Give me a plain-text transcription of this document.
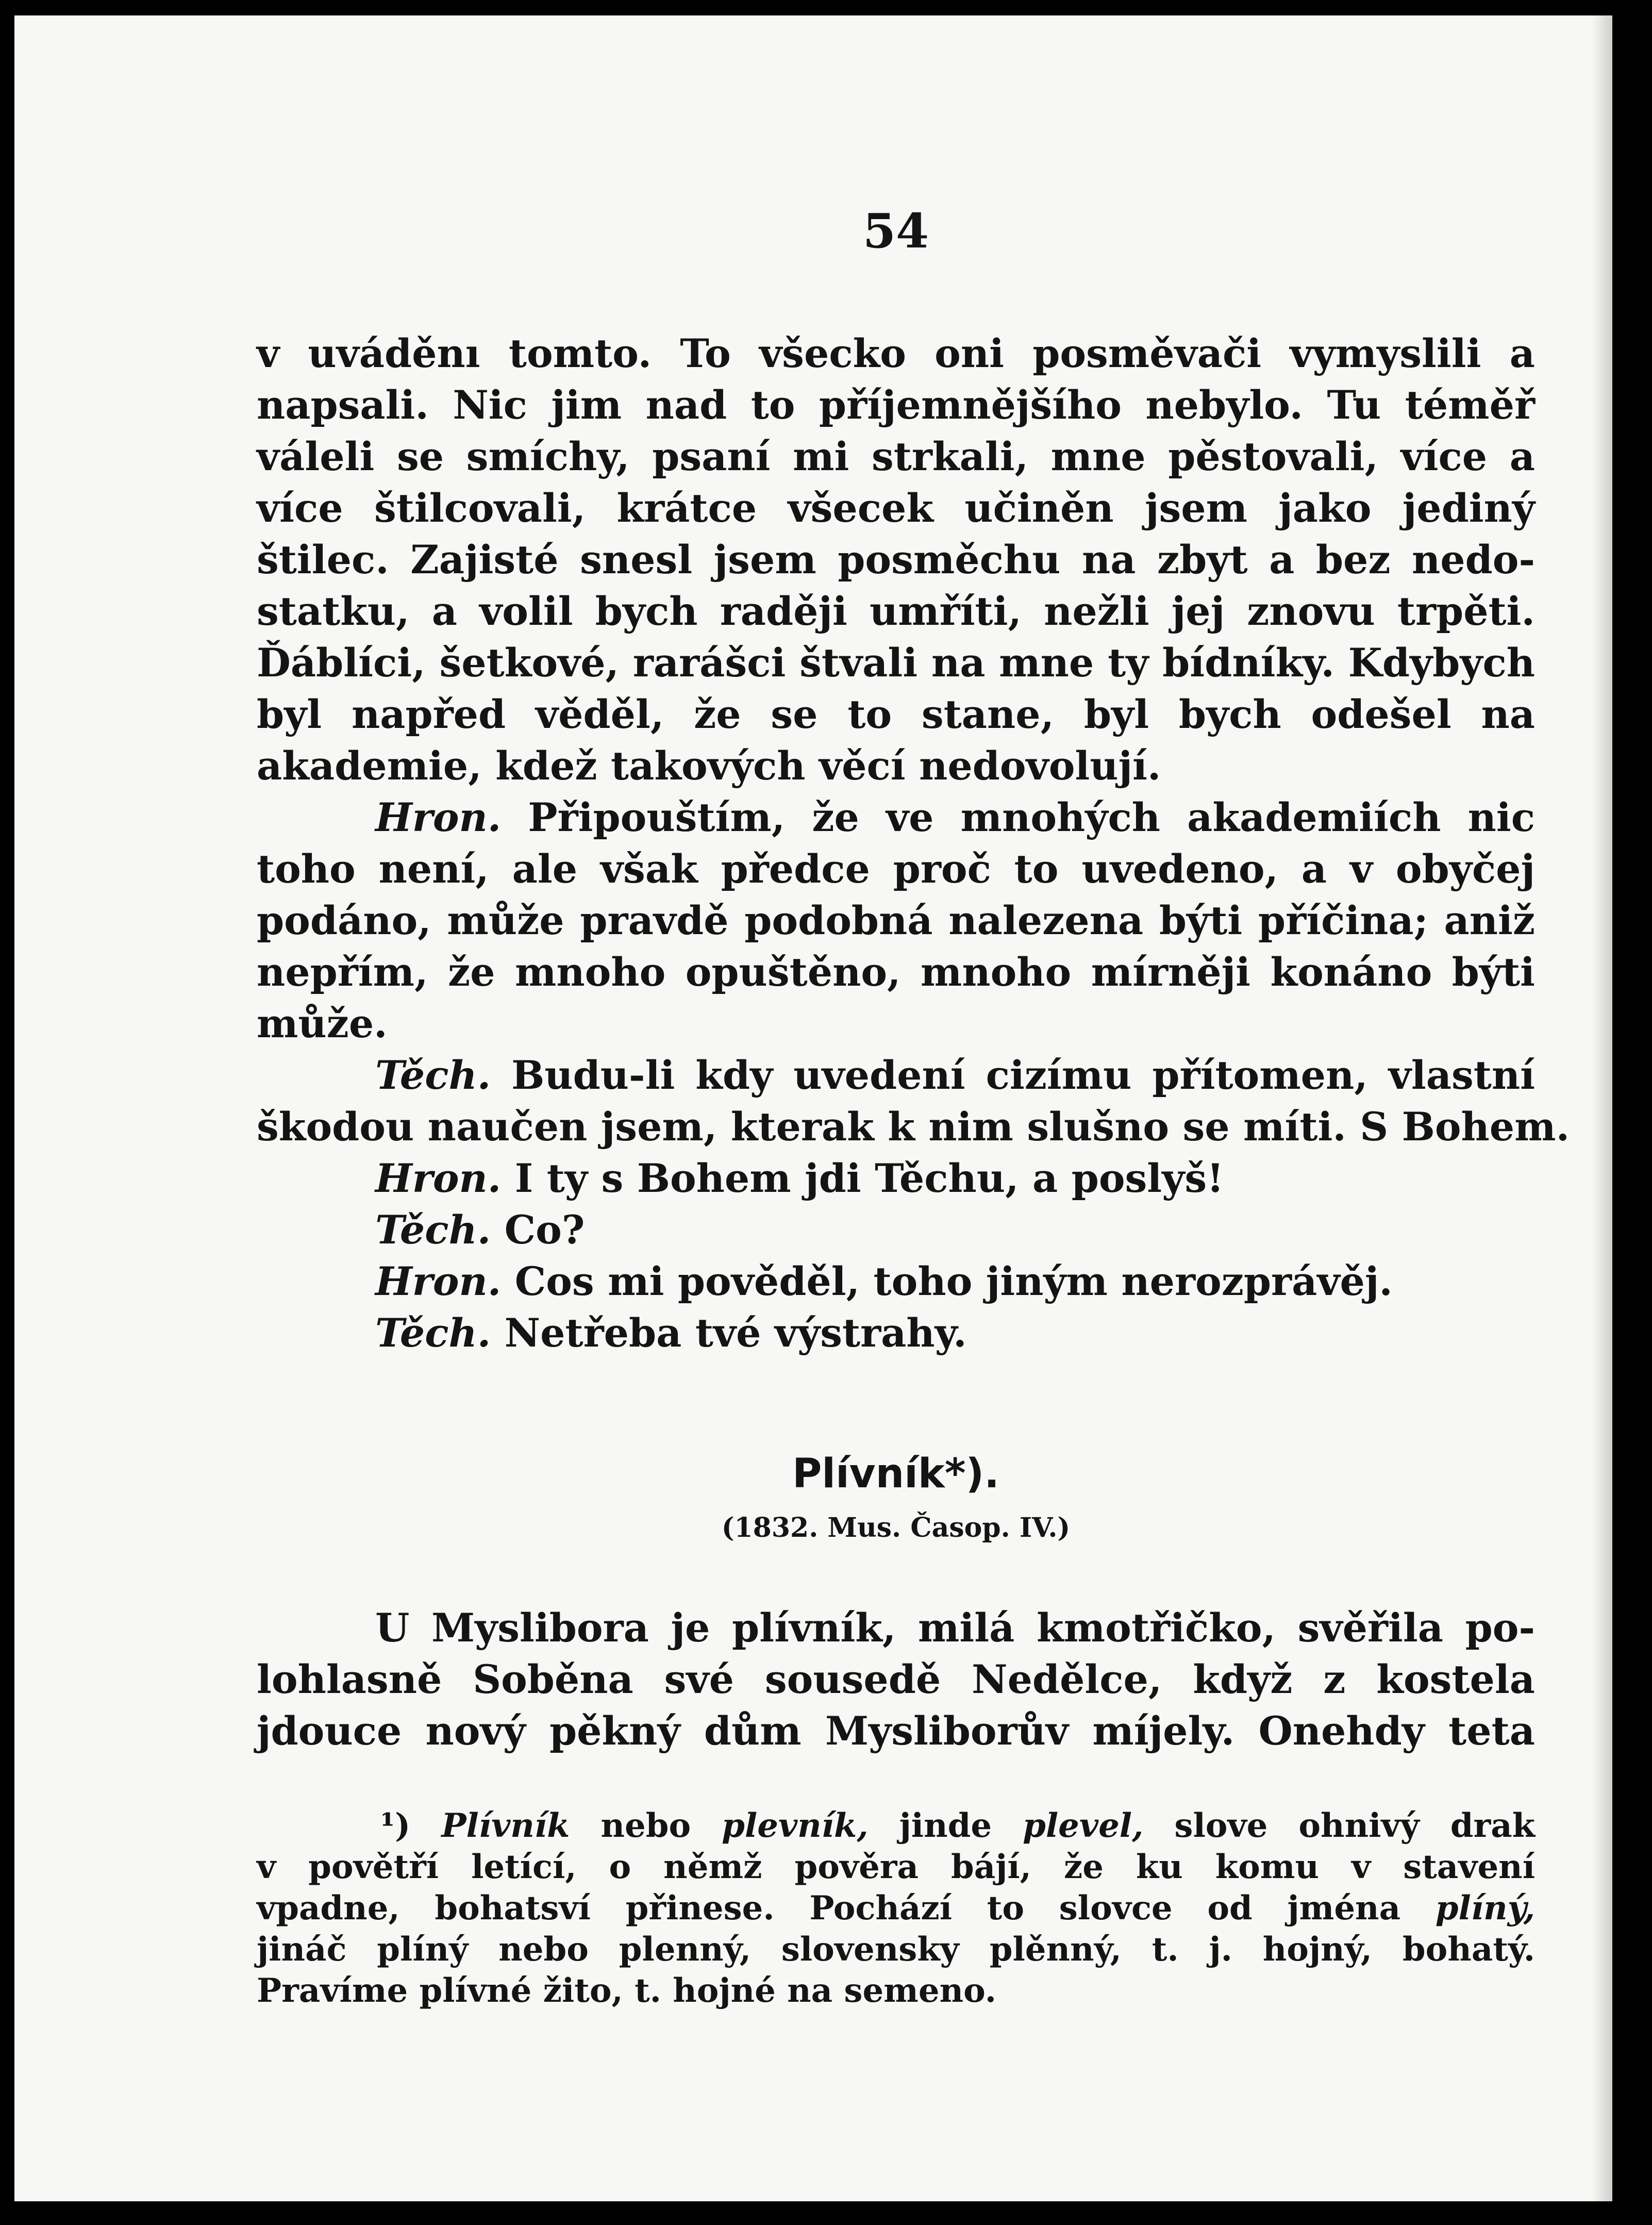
54
v uváděnı tomto. To všecko oni posměvači vymyslili a
napsali. Nic jim nad to příjemnějšího nebylo. Tu téměř
váleli se smíchy, psaní mi strkali, mne pěstovali, více a
více štilcovali, krátce všecek učiněn jsem jako jediný
štilec. Zajisté snesl jsem posměchu na zbyt a bez nedo-
statku, a volil bych raději umříti, nežli jej znovu trpěti.
Ďáblíci, šetkové, rarášci štvali na mne ty bídníky. Kdybych
byl napřed věděl, že se to stane, byl bych odešel na
akademie, kdež takových věcí nedovolují.
Hron. Připouštím, že ve mnohých akademiích nic
toho není, ale však předce proč to uvedeno, a v obyčej
podáno, může pravdě podobná nalezena býti příčina; aniž
nepřím, že mnoho opuštěno, mnoho mírněji konáno býti
může.
Těch. Budu-li kdy uvedení cizímu přítomen, vlastní
škodou naučen jsem, kterak k nim slušno se míti. S Bohem.
Hron. I ty s Bohem jdi Těchu, a poslyš!
Těch. Co?
Hron. Cos mi pověděl, toho jiným nerozprávěj.
Těch. Netřeba tvé výstrahy.
Plívník*).
(1832. Mus. Časop. IV.)
U Myslibora je plívník, milá kmotřičko, svěřila po-
lohlasně Soběna své sousedě Nedělce, když z kostela
jdouce nový pěkný dům Mysliborův míjely. Onehdy teta
¹) Plívník nebo plevník, jinde plevel, slove ohnivý drak
v povětří letící, o němž pověra bájí, že ku komu v stavení
vpadne, bohatsví přinese. Pochází to slovce od jména plíný,
jináč plíný nebo plenný, slovensky plěnný, t. j. hojný, bohatý.
Pravíme plívné žito, t. hojné na semeno.
